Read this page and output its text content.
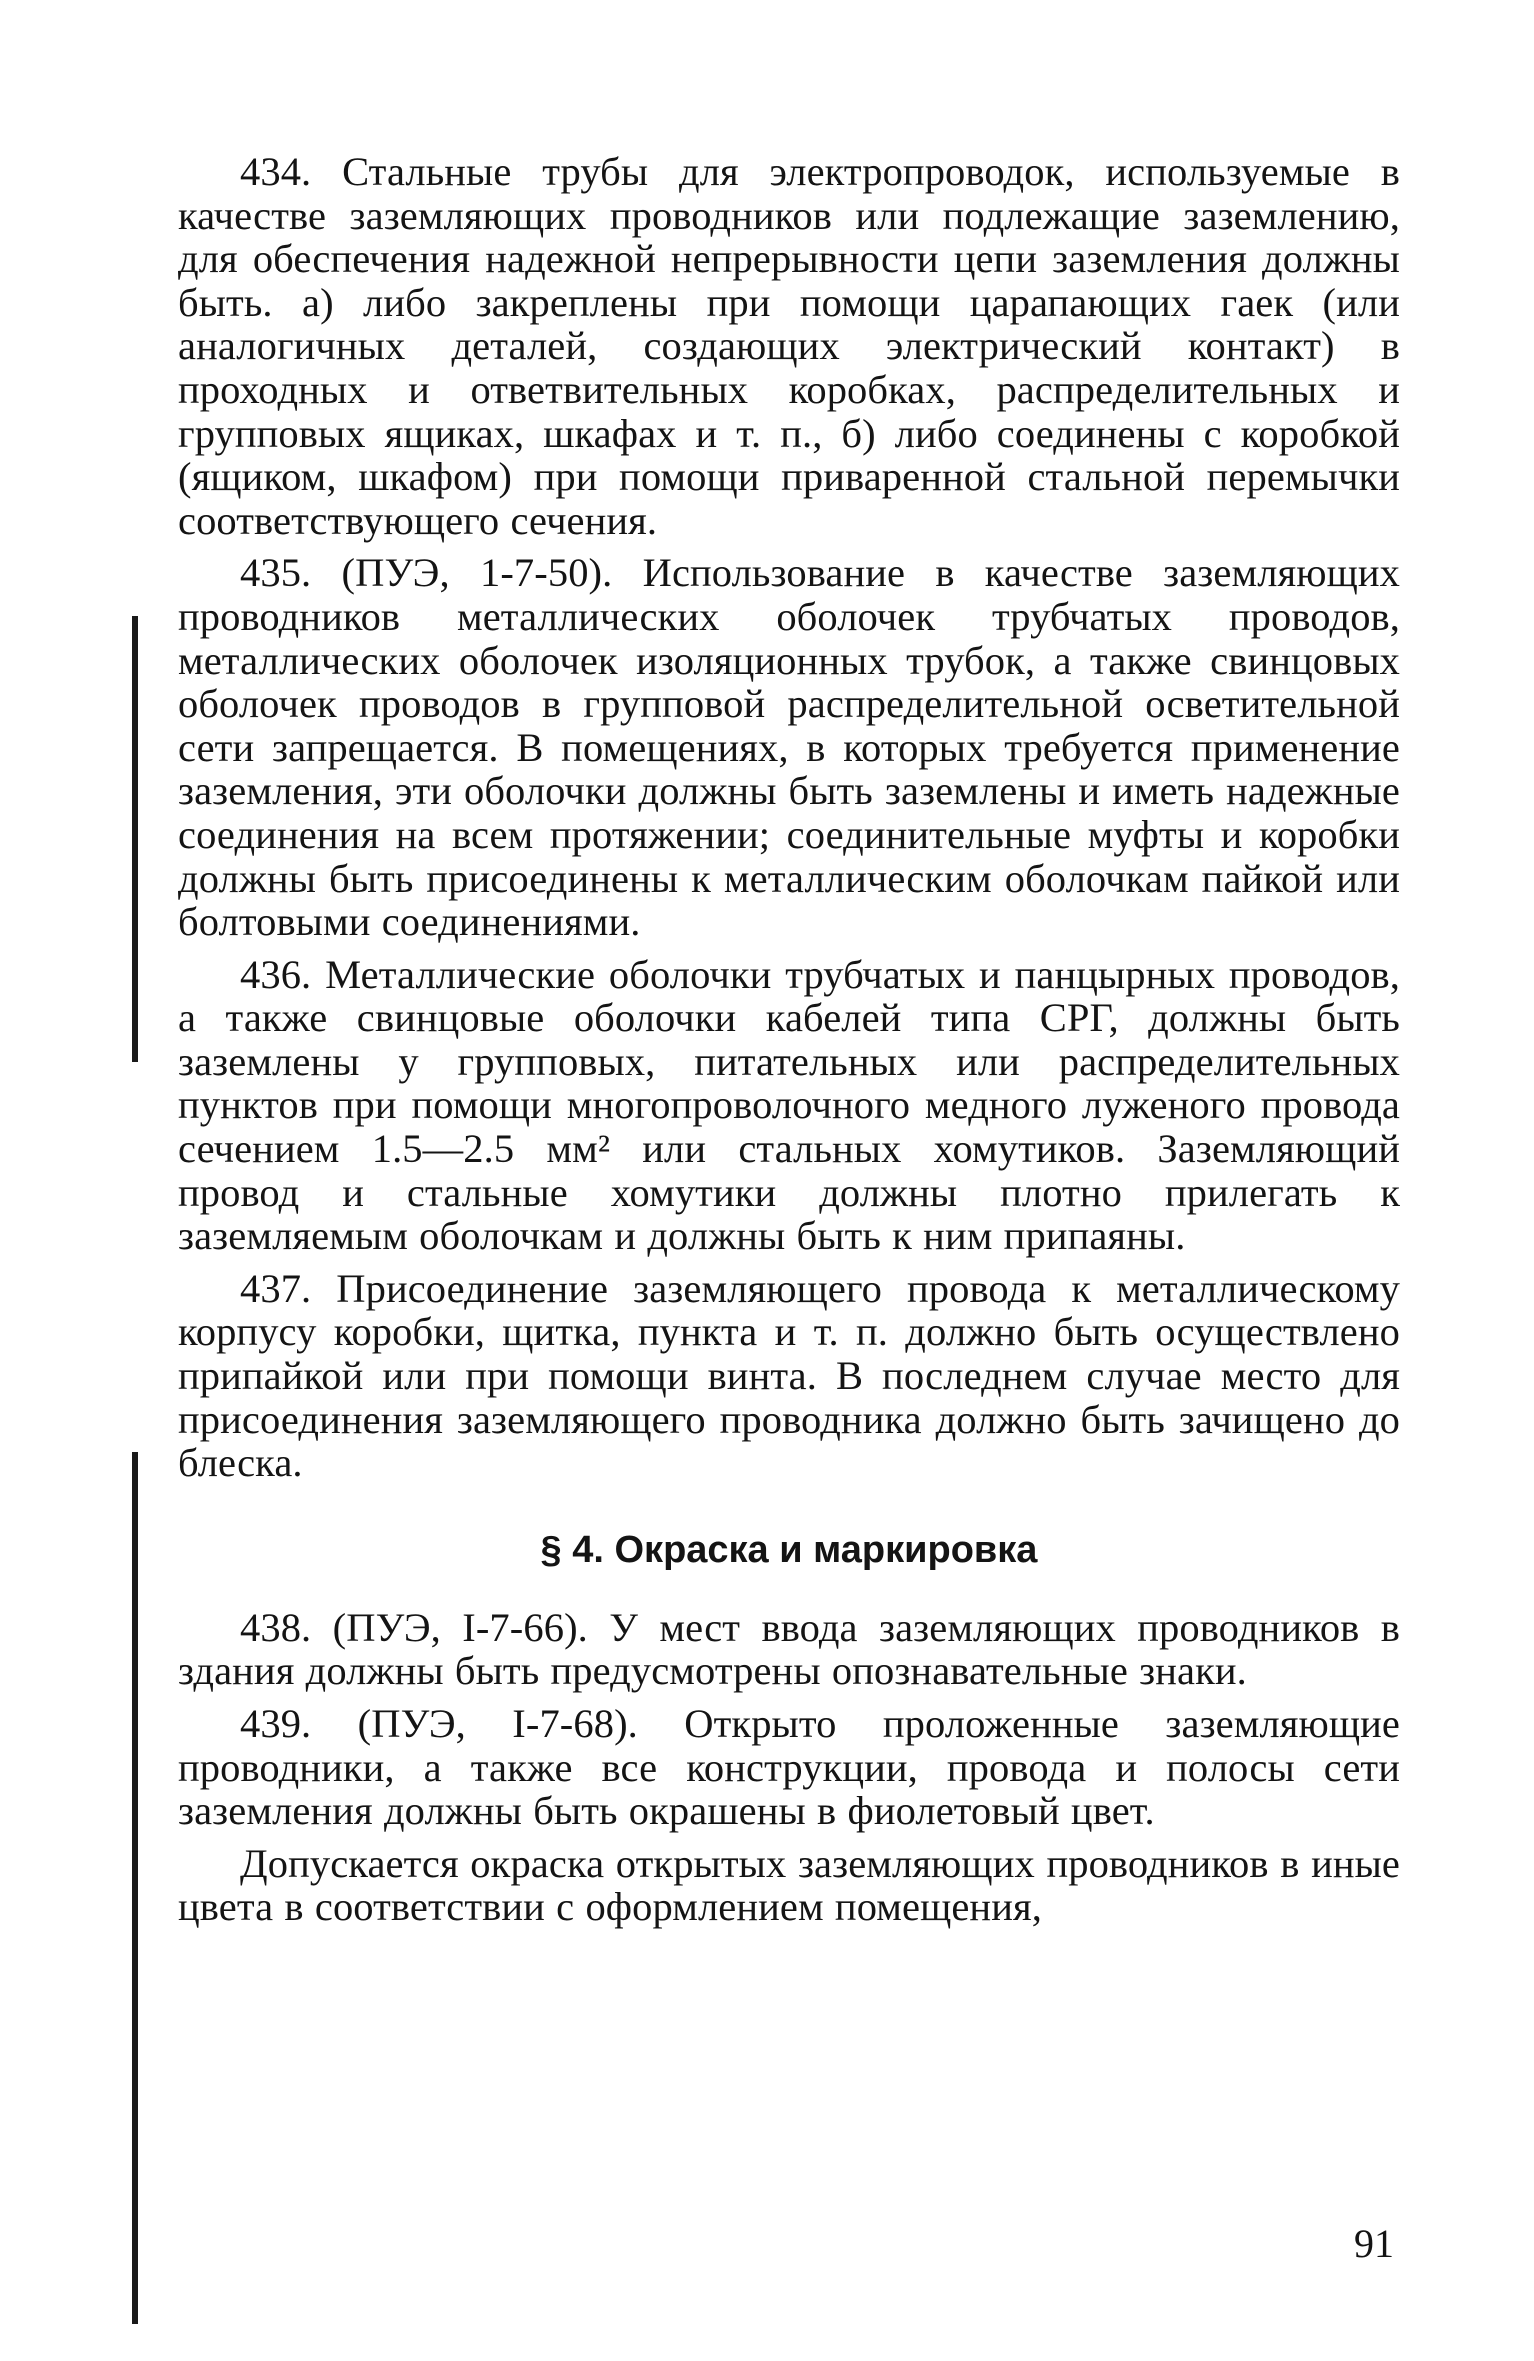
434. Стальные трубы для электропроводок, используемые в качестве заземляющих проводников или подлежащие заземлению, для обеспечения надежной непрерывности цепи заземления должны быть. а) либо закреплены при помощи царапающих гаек (или аналогичных деталей, создающих электрический контакт) в проходных и ответвительных коробках, распределительных и групповых ящиках, шкафах и т. п., б) либо соединены с коробкой (ящиком, шкафом) при помощи приваренной стальной перемычки соответствующего сечения.

435. (ПУЭ, 1-7-50). Использование в качестве заземляющих проводников металлических оболочек трубчатых проводов, металлических оболочек изоляционных трубок, а также свинцовых оболочек проводов в групповой распределительной осветительной сети запрещается. В помещениях, в которых требуется применение заземления, эти оболочки должны быть заземлены и иметь надежные соединения на всем протяжении; соединительные муфты и коробки должны быть присоединены к металлическим оболочкам пайкой или болтовыми соединениями.

436. Металлические оболочки трубчатых и панцырных проводов, а также свинцовые оболочки кабелей типа СРГ, должны быть заземлены у групповых, питательных или распределительных пунктов при помощи многопроволочного медного луженого провода сечением 1.5—2.5 мм² или стальных хомутиков. Заземляющий провод и стальные хомутики должны плотно прилегать к заземляемым оболочкам и должны быть к ним припаяны.

437. Присоединение заземляющего провода к металлическому корпусу коробки, щитка, пункта и т. п. должно быть осуществлено припайкой или при помощи винта. В последнем случае место для присоединения заземляющего проводника должно быть зачищено до блеска.

§ 4. Окраска и маркировка

438. (ПУЭ, I-7-66). У мест ввода заземляющих проводников в здания должны быть предусмотрены опознавательные знаки.

439. (ПУЭ, I-7-68). Открыто проложенные заземляющие проводники, а также все конструкции, провода и полосы сети заземления должны быть окрашены в фиолетовый цвет.

Допускается окраска открытых заземляющих проводников в иные цвета в соответствии с оформлением помещения,

91
